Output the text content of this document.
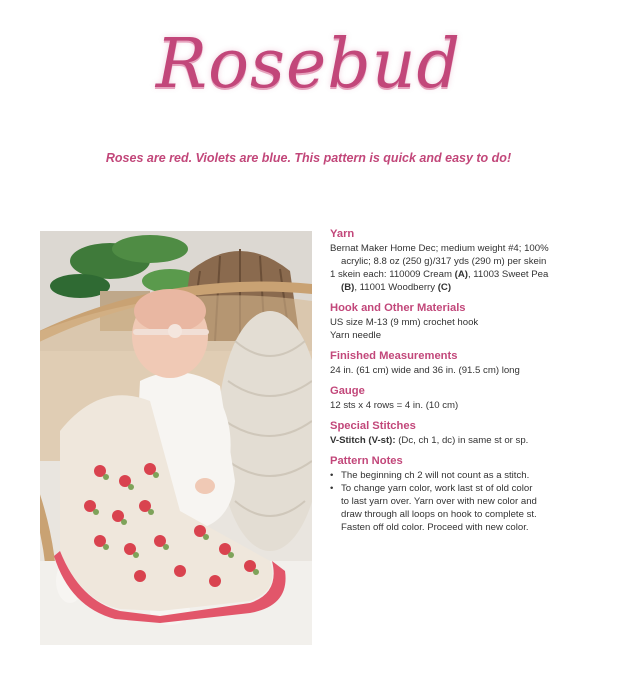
Rosebud
Roses are red. Violets are blue. This pattern is quick and easy to do!
Yarn

Bernat Maker Home Dec; medium weight #4; 100%
acrylic; 8.8 oz (250 g)/317 yds (290 m) per skein
1 skein each: 110009 Cream (A), 11003 Sweet Pea
(B), 11001 Woodberry (C)

Hook and Other Materials

US size M-13 (9 mm) crochet hook
Yarn needle

Finished Measurements

24 in. (61 cm) wide and 36 in. (91.5 cm) long

Gauge

12 sts x 4 rows = 4 in. (10 cm)

Special Stitches

V-Stitch (V-st): (Dc, ch 1, dc) in same st or sp.

Pattern Notes
• The beginning ch 2 will not count as a stitch.
• To change yarn color, work last st of old color
to last yarn over. Yarn over with new color and
draw through all loops on hook to complete st.
Fasten off old color. Proceed with new color.
